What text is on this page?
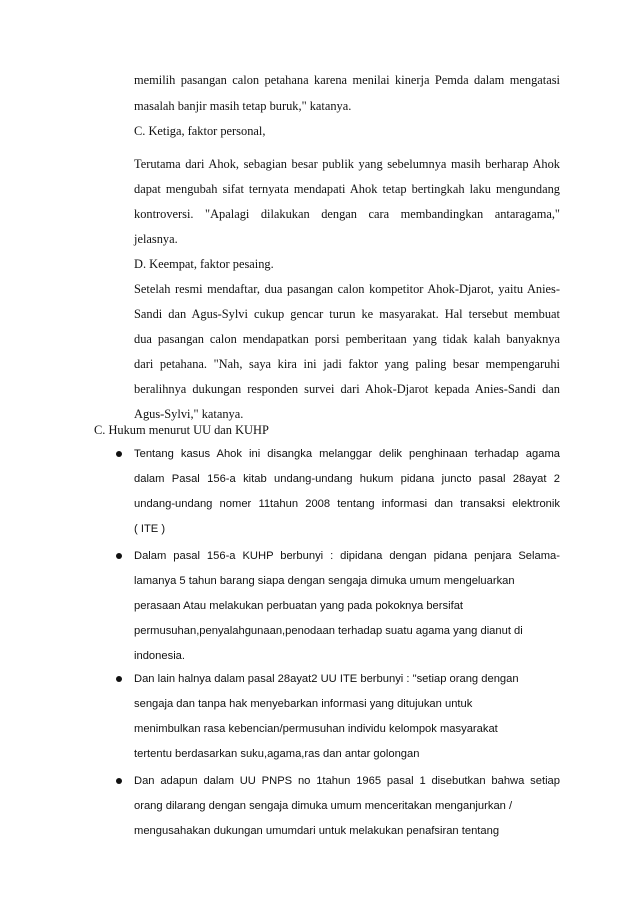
memilih pasangan calon petahana karena menilai kinerja Pemda dalam mengatasi
masalah banjir masih tetap buruk," katanya.
C. Ketiga, faktor personal,
Terutama dari Ahok, sebagian besar publik yang sebelumnya masih berharap Ahok
dapat mengubah sifat ternyata mendapati Ahok tetap bertingkah laku mengundang
kontroversi. "Apalagi dilakukan dengan cara membandingkan antaragama,"
jelasnya.
D. Keempat, faktor pesaing.
Setelah resmi mendaftar, dua pasangan calon kompetitor Ahok-Djarot, yaitu Anies-
Sandi dan Agus-Sylvi cukup gencar turun ke masyarakat. Hal tersebut membuat
dua pasangan calon mendapatkan porsi pemberitaan yang tidak kalah banyaknya
dari petahana. "Nah, saya kira ini jadi faktor yang paling besar mempengaruhi
beralihnya dukungan responden survei dari Ahok-Djarot kepada Anies-Sandi dan
Agus-Sylvi," katanya.
C. Hukum menurut UU dan KUHP
Tentang kasus Ahok ini disangka melanggar delik penghinaan terhadap agama
dalam Pasal 156-a kitab undang-undang hukum pidana juncto pasal 28ayat 2
undang-undang nomer 11tahun 2008 tentang informasi dan transaksi elektronik
( ITE )
Dalam pasal 156-a KUHP berbunyi : dipidana dengan pidana penjara Selama-
lamanya 5 tahun barang siapa dengan sengaja dimuka umum mengeluarkan
perasaan Atau melakukan perbuatan yang pada pokoknya bersifat
permusuhan,penyalahgunaan,penodaan terhadap suatu agama yang dianut di
indonesia.
Dan lain halnya dalam pasal 28ayat2 UU ITE berbunyi : "setiap orang dengan
sengaja dan tanpa hak menyebarkan informasi yang ditujukan untuk
menimbulkan rasa kebencian/permusuhan individu kelompok masyarakat
tertentu berdasarkan suku,agama,ras dan antar golongan
Dan adapun dalam UU PNPS no 1tahun 1965 pasal 1 disebutkan bahwa setiap
orang dilarang dengan sengaja dimuka umum menceritakan menganjurkan /
mengusahakan dukungan umumdari untuk melakukan penafsiran tentang
